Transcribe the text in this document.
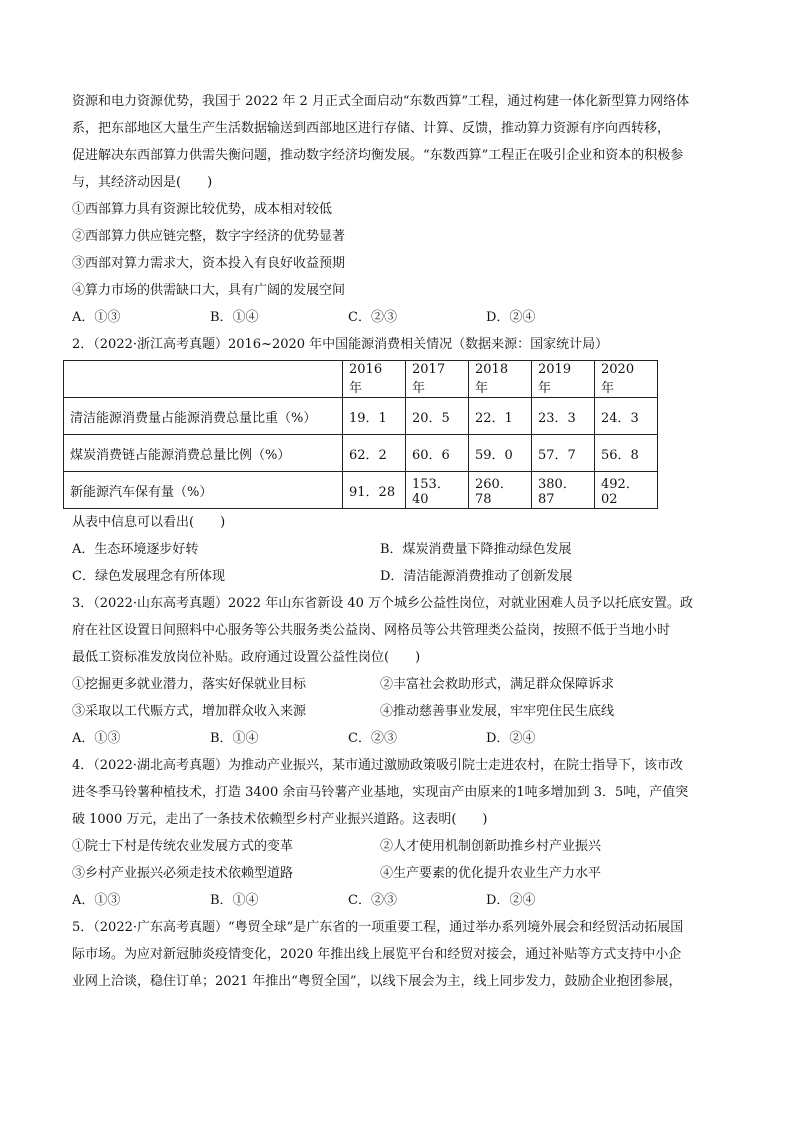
资源和电力资源优势，我国于 2022 年 2 月正式全面启动“东数西算”工程，通过构建一体化新型算力网络体

系，把东部地区大量生产生活数据输送到西部地区进行存储、计算、反馈，推动算力资源有序向西转移，

促进解决东西部算力供需失衡问题，推动数字经济均衡发展。“东数西算”工程正在吸引企业和资本的积极参

与，其经济动因是(　　)

①西部算力具有资源比较优势，成本相对较低

②西部算力供应链完整，数字字经济的优势显著

③西部对算力需求大，资本投入有良好收益预期

④算力市场的供需缺口大，具有广阔的发展空间

A．①③	B．①④	C．②③	D．②④

2．（2022·浙江高考真题）2016~2020 年中国能源消费相关情况（数据来源：国家统计局）

	2016 年	2017 年	2018 年	2019 年	2020 年
清洁能源消费量占能源消费总量比重（%）	19．1	20．5	22．1	23．3	24．3
煤炭消费链占能源消费总量比例（%）	62．2	60．6	59．0	57．7	56．8
新能源汽车保有量（%）	91．28	153．40	260．78	380．87	492．02

从表中信息可以看出(　　)

A．生态环境逐步好转	B．煤炭消费量下降推动绿色发展
C．绿色发展理念有所体现	D．清洁能源消费推动了创新发展

3．（2022·山东高考真题）2022 年山东省新设 40 万个城乡公益性岗位，对就业困难人员予以托底安置。政

府在社区设置日间照料中心服务等公共服务类公益岗、网格员等公共管理类公益岗，按照不低于当地小时

最低工资标准发放岗位补贴。政府通过设置公益性岗位(　　)

①挖掘更多就业潜力，落实好保就业目标	②丰富社会救助形式，满足群众保障诉求
③采取以工代赈方式，增加群众收入来源	④推动慈善事业发展，牢牢兜住民生底线
A．①③	B．①④	C．②③	D．②④

4．（2022·湖北高考真题）为推动产业振兴，某市通过激励政策吸引院士走进农村，在院士指导下，该市改

进冬季马铃薯种植技术，打造 3400 余亩马铃薯产业基地，实现亩产由原来的1吨多增加到 3．5吨，产值突

破 1000 万元，走出了一条技术依赖型乡村产业振兴道路。这表明(　　)

①院士下村是传统农业发展方式的变革	②人才使用机制创新助推乡村产业振兴
③乡村产业振兴必须走技术依赖型道路	④生产要素的优化提升农业生产力水平
A．①③	B．①④	C．②③	D．②④

5．（2022·广东高考真题）“粤贸全球”是广东省的一项重要工程，通过举办系列境外展会和经贸活动拓展国

际市场。为应对新冠肺炎疫情变化，2020 年推出线上展览平台和经贸对接会，通过补贴等方式支持中小企

业网上洽谈，稳住订单；2021 年推出“粤贸全国”，以线下展会为主，线上同步发力，鼓励企业抱团参展，
